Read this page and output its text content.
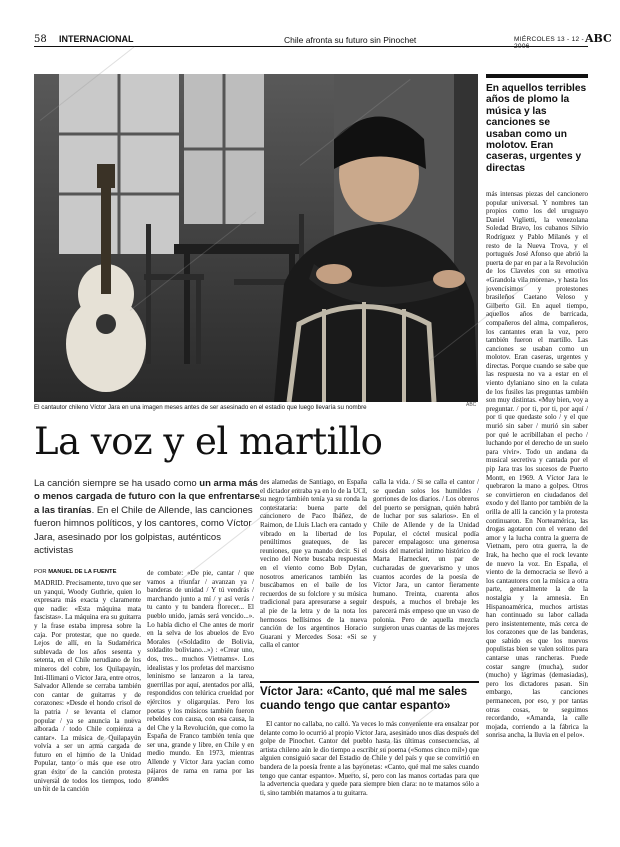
58 INTERNACIONAL	Chile afronta su futuro sin Pinochet	MIÉRCOLES 13 - 12 - 2006
ABC
El cantautor chileno Víctor Jara en una imagen meses antes de ser asesinado en el estadio que luego llevaría su nombre	ABC
En aquellos terribles años de plomo la música y las canciones se usaban como un molotov. Eran caseras, urgentes y directas
La voz y el martillo
La canción siempre se ha usado como un arma más o menos cargada de futuro con la que enfrentarse a las tiranías. En el Chile de Allende, las canciones fueron himnos políticos, y los cantores, como Víctor Jara, asesinado por los golpistas, auténticos activistas
POR MANUEL DE LA FUENTE

MADRID. Precisamente, tuvo que ser un yanqui, Woody Guthrie, quien lo expresara más exacta y claramente que nadie: «Esta máquina mata fascistas». La máquina era su guitarra y la frase estaba impresa sobre la caja. Por protestar, que no quede. Lejos de allí, en la Sudamérica sublevada de los años sesenta y setenta, en el Chile nerudiano de los mineros del cobre, los Quilapayún, Inti-Illimani o Víctor Jara, entre otros, Salvador Allende se cerraba también con cantar de guitarras y de corazones: «Desde el hondo crisol de la patria / se levanta el clamor popular / ya se anuncia la nueva alborada / todo Chile comienza a cantar». La música de Quilapayún volvía a ser un arma cargada de futuro en el himno de la Unidad Popular, tanto o más que ese otro gran éxito de la canción protesta universal de todos los tiempos, todo un hit de la canción

de combate: «De pie, cantar / que vamos a triunfar / avanzan ya / banderas de unidad / Y tú vendrás / marchando junto a mí / y así verás / tu canto y tu bandera florecer... El pueblo unido, jamás será vencido...». Lo había dicho el Che antes de morir en la selva de los abuelos de Evo Morales («Soldadito de Bolivia, soldadito boliviano...») : «Crear uno, dos, tres... muchos Vietnams». Los idealistas y los profetas del marxismo leninismo se lanzaron a la tarea, guerrillas por aquí, atentados por allá, respondidos con telúrica crueldad por ejércitos y oligarquías. Pero los poetas y los músicos también fueron rebeldes con causa, con esa causa, la del Che y la Revolución, que como la España de Franco también tenía que ser una, grande y libre, en Chile y en medio mundo. En 1973, mientras Allende y Víctor Jara yacían como pájaros de rama en rama por las grandes

des alamedas de Santiago, en España el dictador entraba ya en lo de la UCI, su negro también tenía ya su ronda la contestataria: buena parte del cancionero de Paco Ibáñez, de Raimon, de Lluís Llach era cantado y vibrado en la libertad de los penúltimos guateques, de las reuniones, que ya mando decir. Si el vecino del Norte buscaba respuestas en el viento como Bob Dylan, nosotros americanos también las buscábamos en el baile de los recuerdos de su folclore y su música tradicional para apresurarse a seguir al pie de la letra y de la nota los hermosos bellísimos de la nueva canción de los argentinos Horacio Guarani y Mercedes Sosa: «Si se calla el cantor

calla la vida. / Si se calla el cantor / se quedan solos los humildes / gorriones de los diarios. / Los obreros del puerto se persignan, quién habrá de luchar por sus salarios». En el Chile de Allende y de la Unidad Popular, el cóctel musical podía parecer empalagoso: una generosa dosis del material íntimo histórico de Marta Harnecker, un par de cucharadas de guevarismo y unos cuantos acordes de la poesía de Víctor Jara, un cantor fieramente humano. Treinta, cuarenta años después, a muchos el brebaje les parecerá más empeso que un vaso de polonia. Pero de aquella mezcla surgieron unas cuantas de las mejores y

Víctor Jara: «Canto, qué mal me sales cuando tengo que cantar espanto»

El cantor no callaba, no calló. Ya veces lo más conveniente era ensalzar por delante como lo ocurrió al propio Víctor Jara, asesinado unos días después del golpe de Pinochet. Cantor del pueblo hasta las últimas consecuencias, al artista chileno aún le dio tiempo a escribir su poema («Somos cinco mil») que alguien consiguió sacar del Estadio de Chile y del país y que se convirtió en bandera de la poesía frente a las bayonetas: «Canto, qué mal me sales cuando tengo que cantar espanto». Muerto, sí, pero con las manos cortadas para que la advertencia quedara y quede para siempre bien clara: no te matamos sólo a ti, sino también matamos a tu guitarra.

más intensas piezas del cancionero popular universal. Y nombres tan propios como los del uruguayo Daniel Viglietti, la venezolana Soledad Bravo, los cubanos Silvio Rodríguez y Pablo Milanés y el resto de la Nueva Trova, y el portugués José Afonso que abrió la puerta de par en par a la Revolución de los Claveles con su emotiva «Grandola vila morena», y hasta los jovencísimos y protestones brasileños Caetano Veloso y Gilberto Gil. En aquel tiempo, aquellos años de barricada, compañeros del alma, compañeros, los cantantes eran la voz, pero también fueron el martillo. Las canciones se usaban como un molotov. Eran caseras, urgentes y directas. Porque cuando se sabe que las respuesta no va a estar en el viento dylaniano sino en la culata de los fusiles las preguntas también son muy distintas. «Muy bien, voy a preguntar. / por ti, por ti, por aquí / por ti que quedaste solo / y el que murió sin saber / murió sin saber por qué le acribillaban el pecho / luchando por el derecho de un suelo para vivir». Todo un andana da musical secretiva y cantada por el pip Jara tras los sucesos de Puerto Montt, en 1969. A Víctor Jara le quebraron la mano a golpes. Otros se convirtieron en ciudadanos del exodo y del llanto por también de la orilla de allí la canción y la protesta continuaron. En Norteamérica, las drogas agotaron con el verano del amor y la lucha contra la guerra de Vietnam, pero otra guerra, la de Irak, ha hecho que el rock levante de nuevo la voz. En España, el viento de la democracia se llevó a los cantautores con la música a otra parte, generalmente la de la nostalgia y la amnesia. En Hispanoamérica, muchos artistas han continuado su labor callada pero insistentemente, más cerca de los corazones que de las banderas, que sabido es que los nuevos populistas bien se valen solitos para cantarse unas rancheras. Puede costar sangre (mucha), sudor (mucho) y lágrimas (demasiadas), pero los dictadores pasan. Sin embargo, las canciones permanecen, por eso, y por tantas otras cosas, te seguimos recordando, «Amanda, la calle mojada, corriendo a la fábrica la sonrisa ancha, la lluvia en el pelo».
